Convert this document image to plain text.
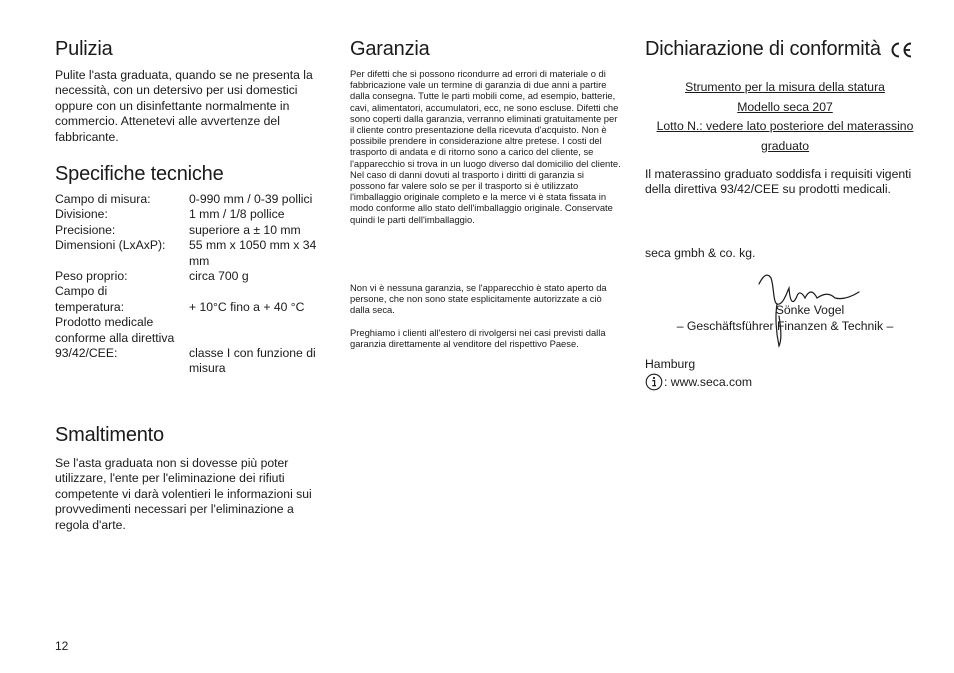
Pulizia

Pulite l'asta graduata, quando se ne presenta la necessità, con un detersivo per usi domestici oppure con un disinfettante normalmente in commercio. Attenetevi alle avvertenze del fabbricante.

Specifiche tecniche
Campo di misura:	0-990 mm / 0-39 pollici
Divisione:	1 mm / 1/8 pollice
Precisione:	superiore a ± 10 mm
Dimensioni (LxAxP):	55 mm x 1050 mm x 34 mm
Peso proprio:	circa 700 g
Campo di temperatura:	+ 10°C fino a + 40 °C
Prodotto medicale conforme alla direttiva 93/42/CEE:	classe I con funzione di misura
Smaltimento

Se l'asta graduata non si dovesse più poter utilizzare, l'ente per l'eliminazione dei rifiuti competente vi darà volentieri le informazioni sui provvedimenti necessari per l'eliminazione a regola d'arte.

12
Garanzia

Per difetti che si possono ricondurre ad errori di materiale o di fabbricazione vale un termine di garanzia di due anni a partire dalla consegna. Tutte le parti mobili come, ad esempio, batterie, cavi, alimentatori, accumulatori, ecc, ne sono escluse. Difetti che sono coperti dalla garanzia, verranno eliminati gratuitamente per il cliente contro presentazione della ricevuta d'acquisto. Non è possibile prendere in considerazione altre pretese. I costi del trasporto di andata e di ritorno sono a carico del cliente, se l'apparecchio si trova in un luogo diverso dal domicilio del cliente. Nel caso di danni dovuti al trasporto i diritti di garanzia si possono far valere solo se per il trasporto si è utilizzato l'imballaggio originale completo e la merce vi è stata fissata in modo conforme allo stato dell'imballaggio originale. Conservate quindi le parti dell'imballaggio.

Non vi è nessuna garanzia, se l'apparecchio è stato aperto da persone, che non sono state esplicitamente autorizzate a ciò dalla seca.

Preghiamo i clienti all'estero di rivolgersi nei casi previsti dalla garanzia direttamente al venditore del rispettivo Paese.

Dichiarazione di conformità
Strumento per la misura della statura
Modello seca 207
Lotto N.: vedere lato posteriore del materassino
graduato

Il materassino graduato soddisfa i requisiti vigenti della direttiva 93/42/CEE su prodotti medicali.

seca gmbh & co. kg.
Sönke Vogel
– Geschäftsführer Finanzen & Technik –
Hamburg
: www.seca.com
